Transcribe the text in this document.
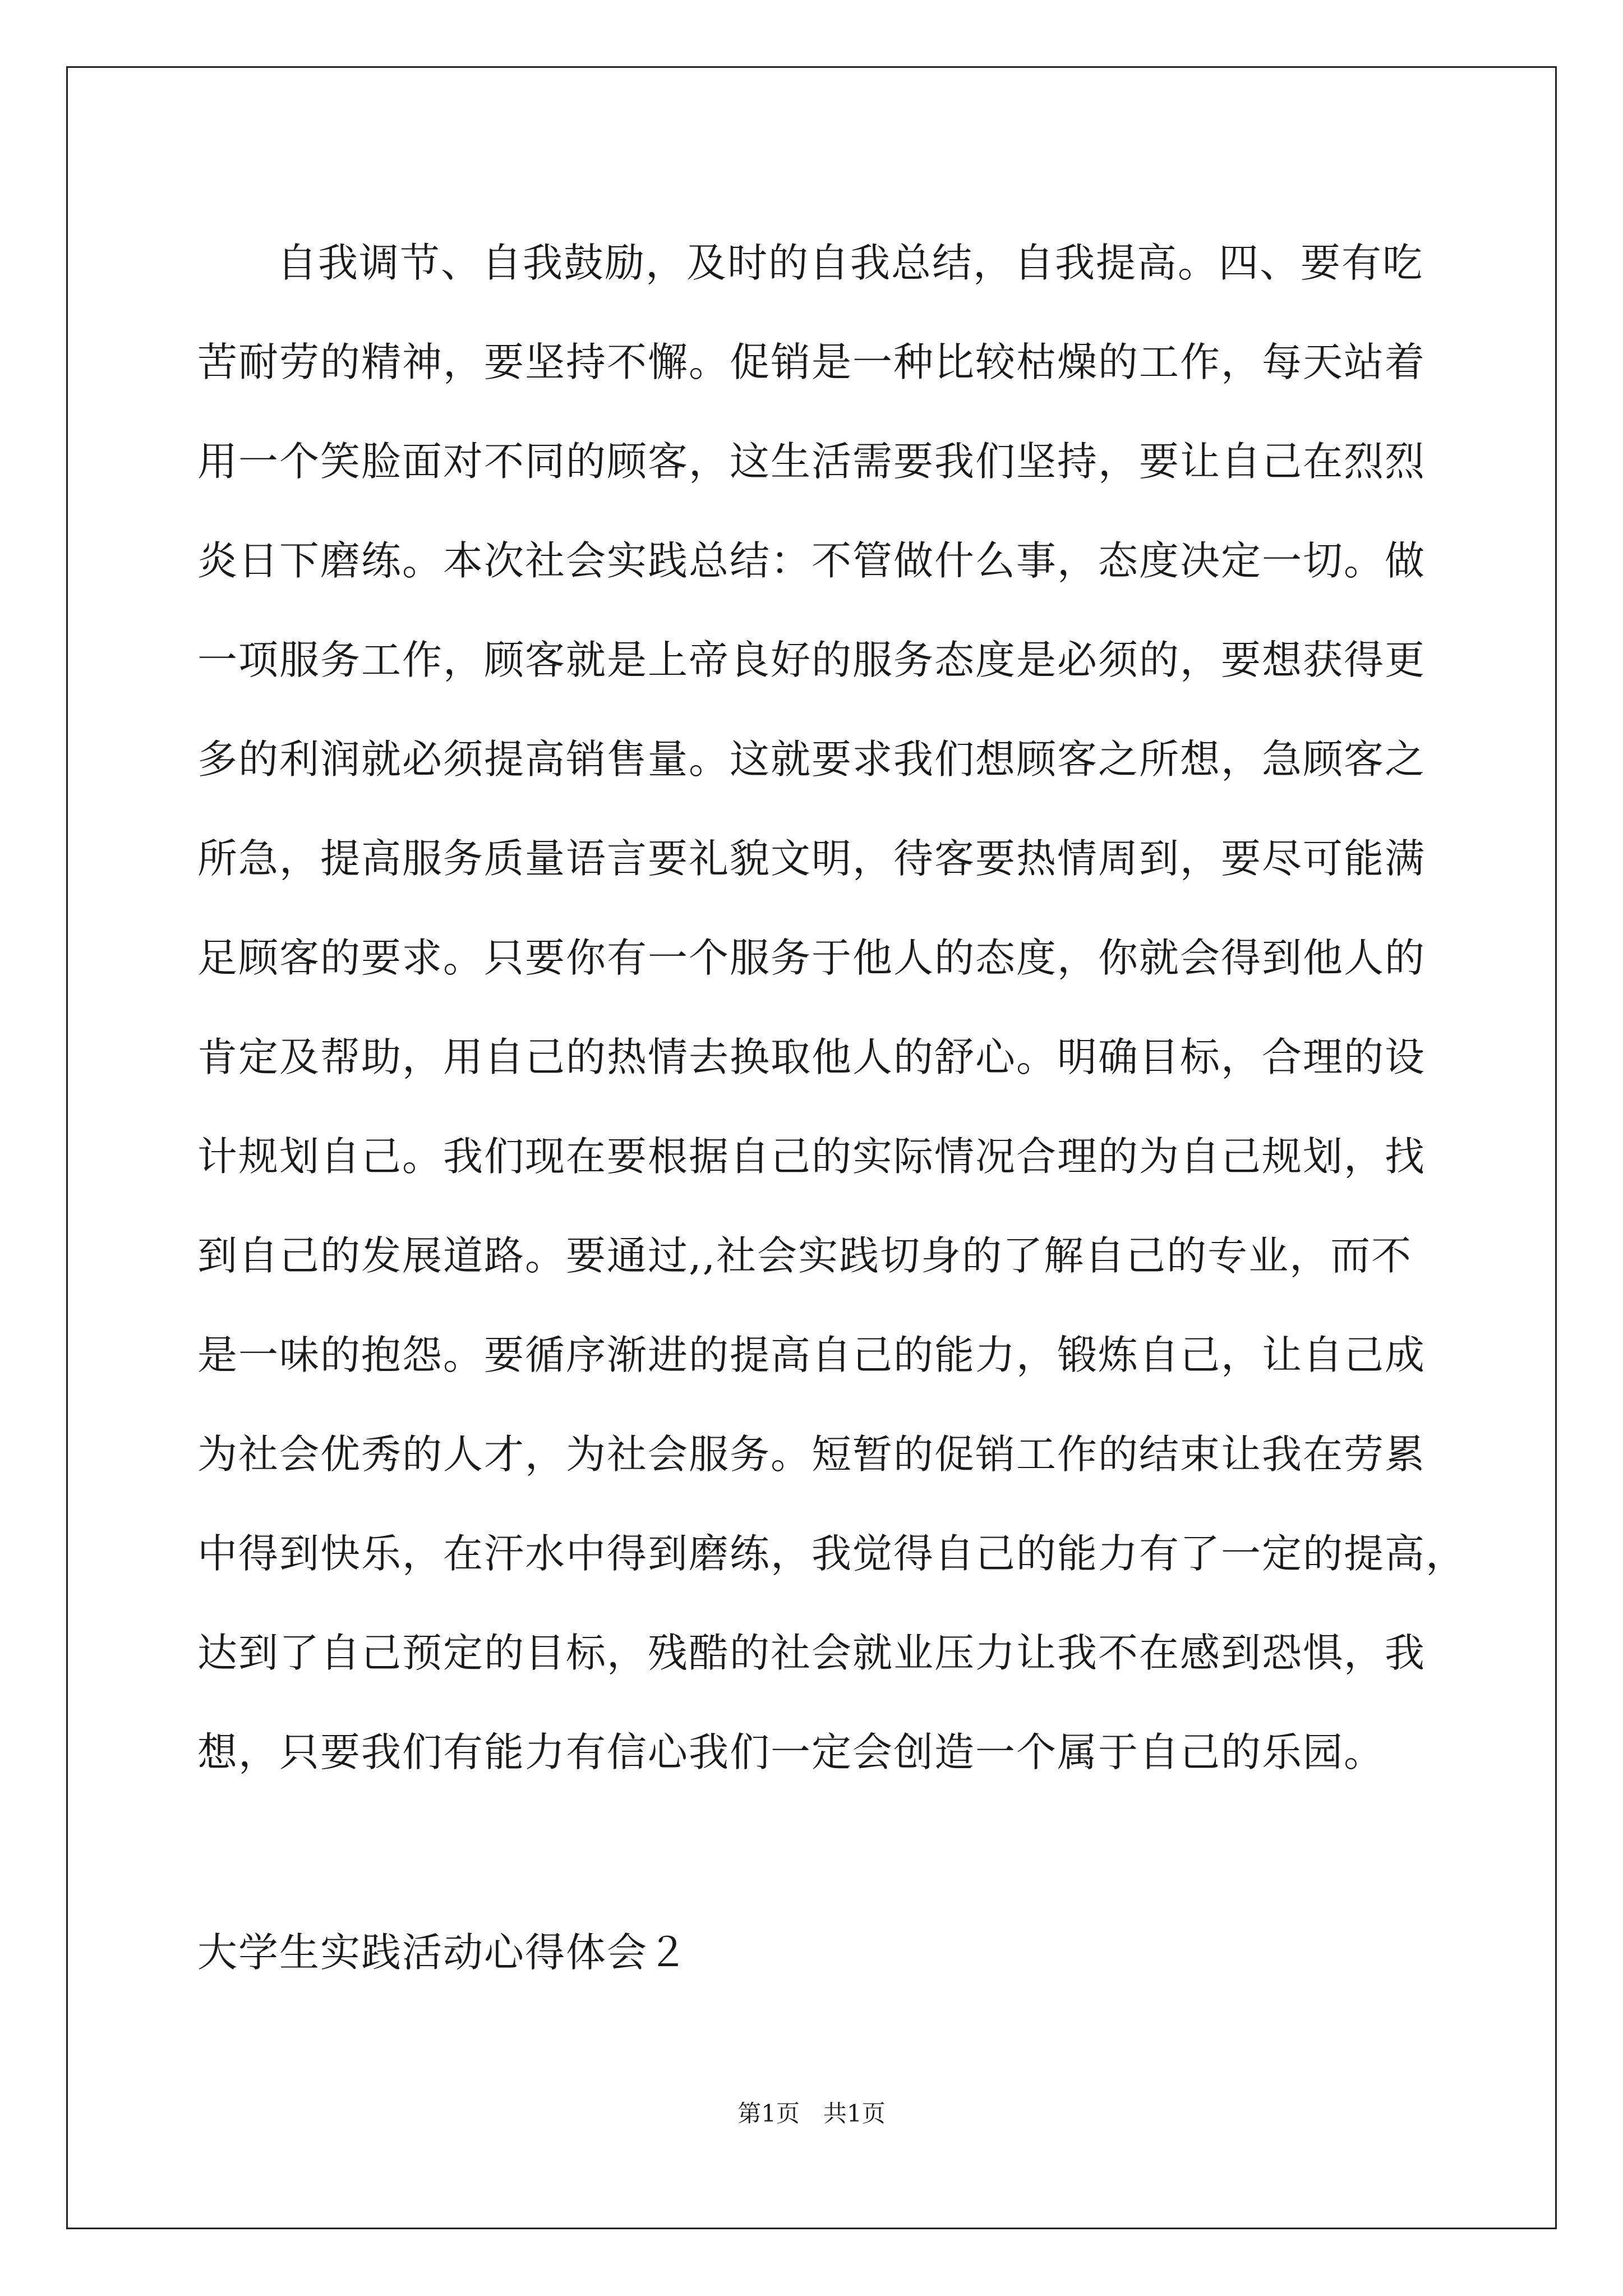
自我调节、自我鼓励，及时的自我总结，自我提高。四、要有吃
苦耐劳的精神，要坚持不懈。促销是一种比较枯燥的工作，每天站着
用一个笑脸面对不同的顾客，这生活需要我们坚持，要让自己在烈烈
炎日下磨练。本次社会实践总结：不管做什么事，态度决定一切。做
一项服务工作，顾客就是上帝良好的服务态度是必须的，要想获得更
多的利润就必须提高销售量。这就要求我们想顾客之所想，急顾客之
所急，提高服务质量语言要礼貌文明，待客要热情周到，要尽可能满
足顾客的要求。只要你有一个服务于他人的态度，你就会得到他人的
肯定及帮助，用自己的热情去换取他人的舒心。明确目标，合理的设
计规划自己。我们现在要根据自己的实际情况合理的为自己规划，找
到自己的发展道路。要通过,,社会实践切身的了解自己的专业，而不
是一味的抱怨。要循序渐进的提高自己的能力，锻炼自己，让自己成
为社会优秀的人才，为社会服务。短暂的促销工作的结束让我在劳累
中得到快乐，在汗水中得到磨练，我觉得自己的能力有了一定的提高，
达到了自己预定的目标，残酷的社会就业压力让我不在感到恐惧，我
想，只要我们有能力有信心我们一定会创造一个属于自己的乐园。
大学生实践活动心得体会２
第1页　共1页
